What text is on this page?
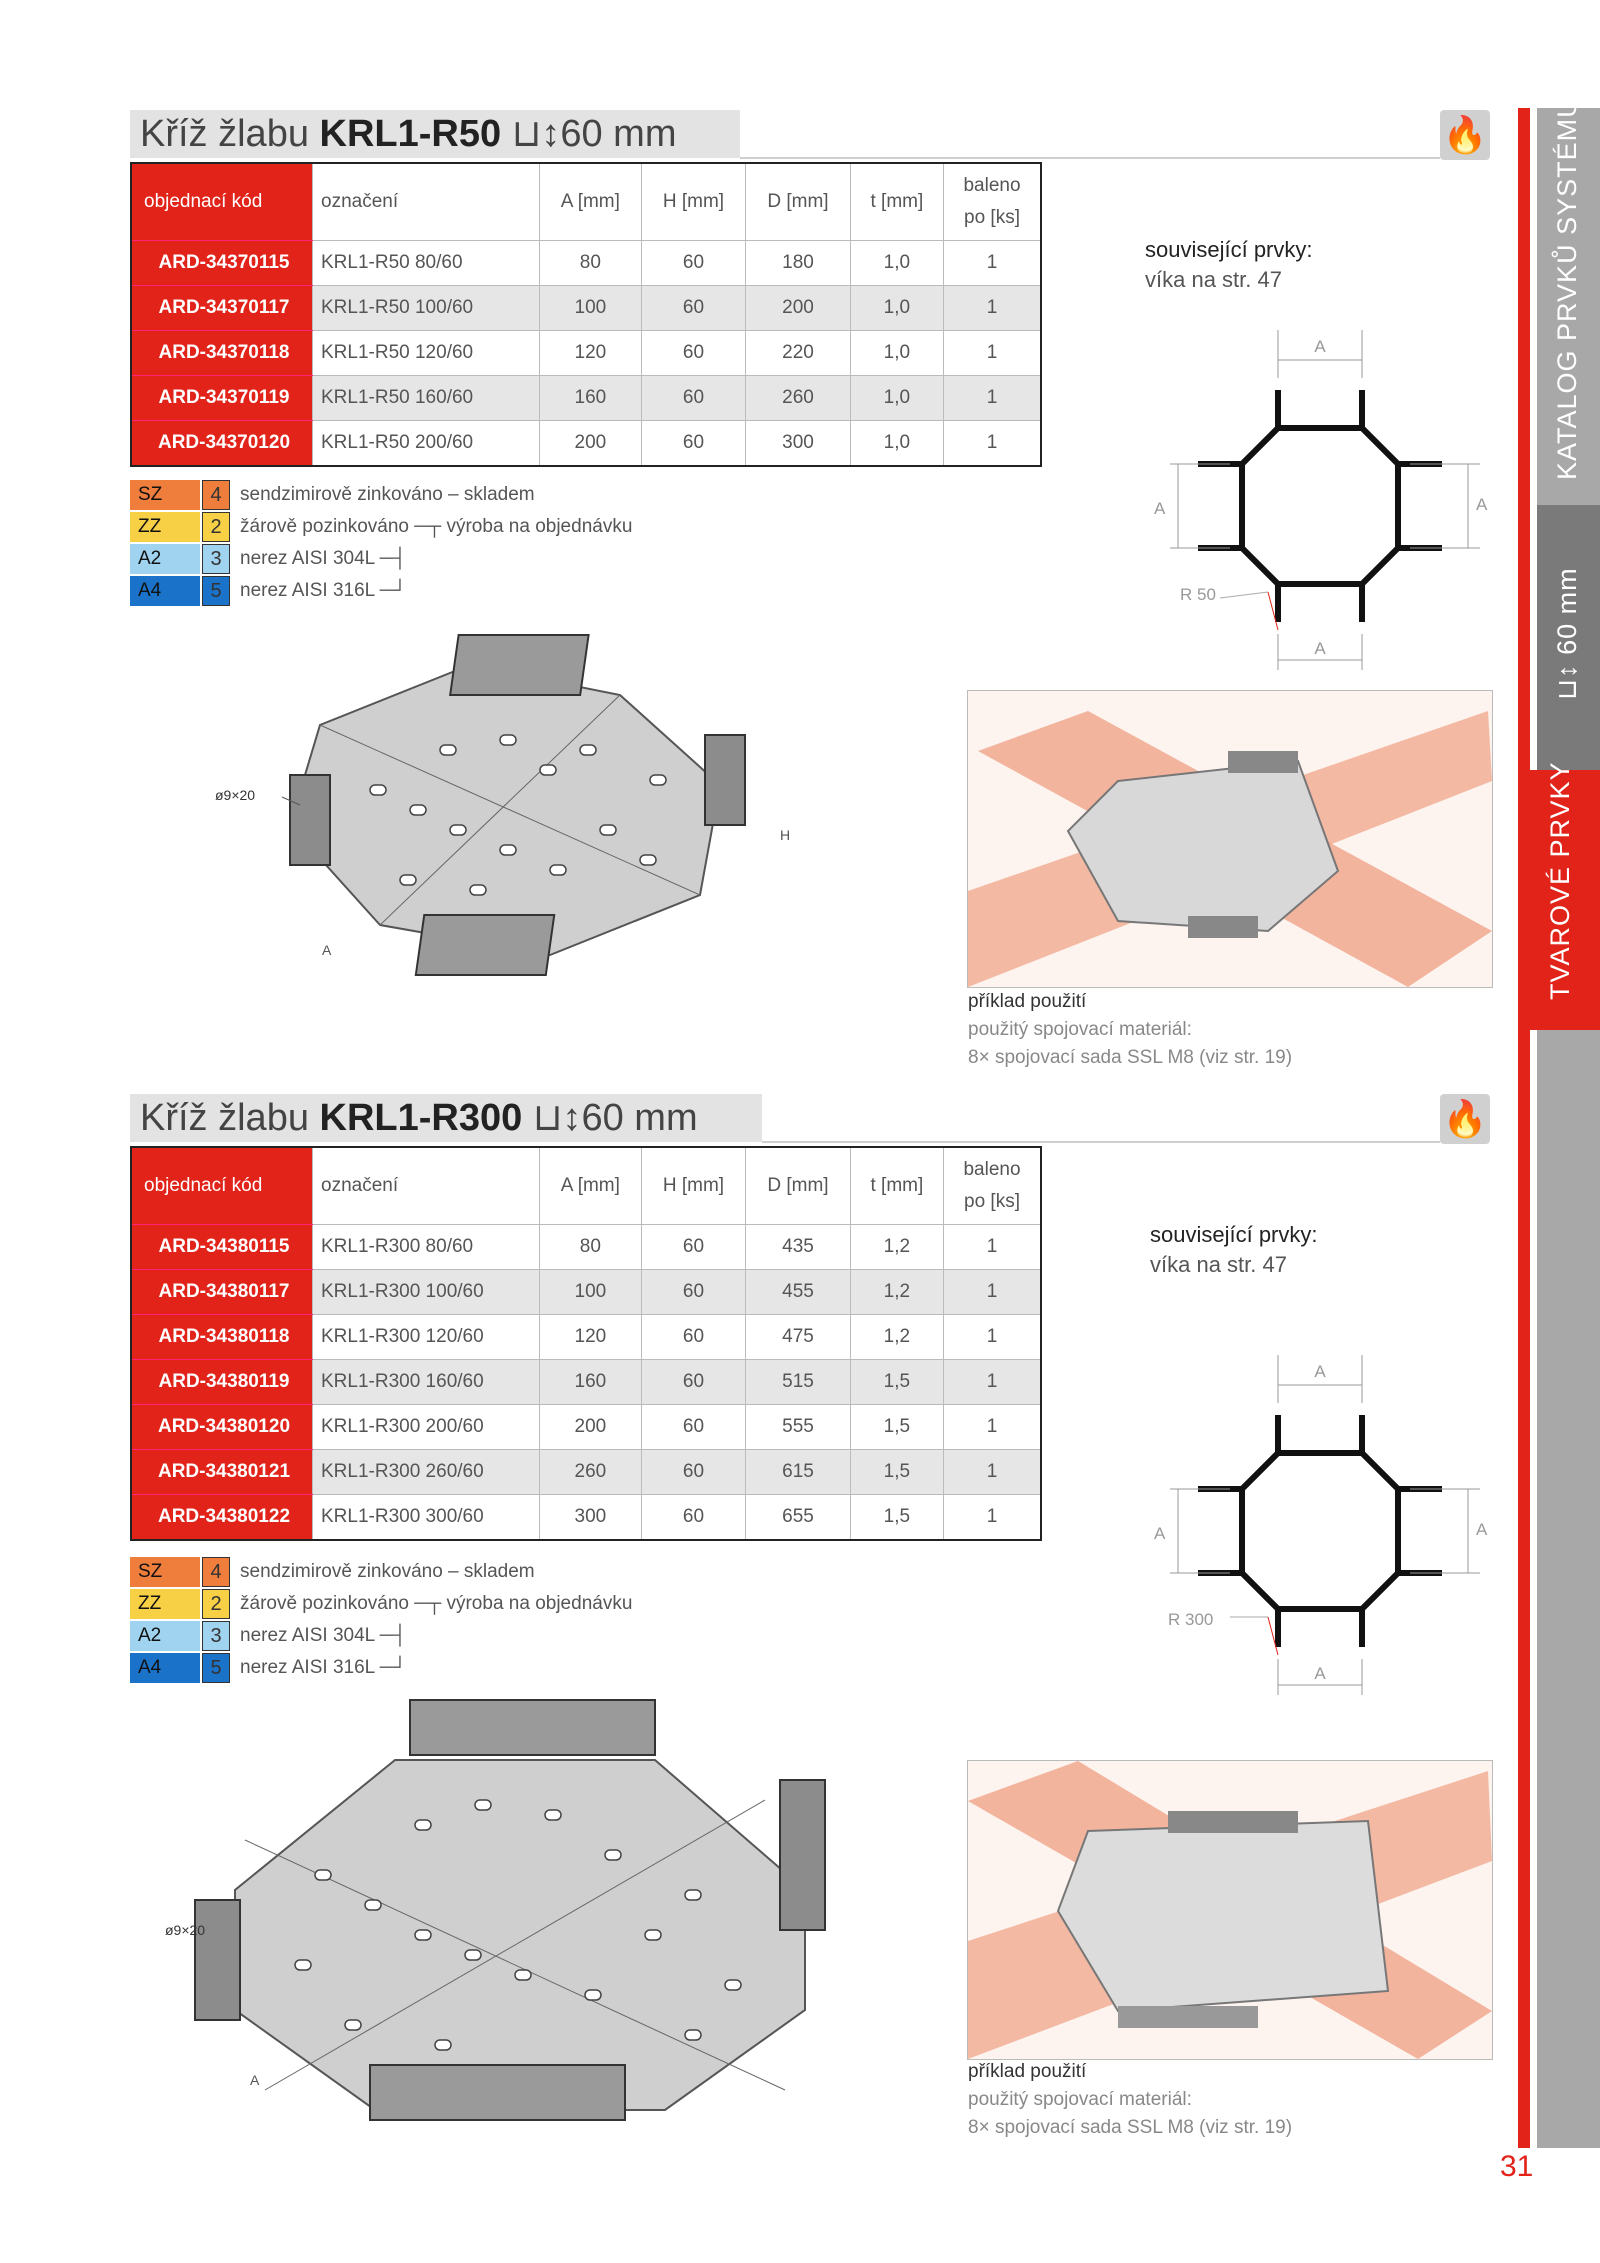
KATALOG PRVKŮ SYSTÉMU
⊔↕ 60 mm
TVAROVÉ PRVKY
31
Kříž žlabu KRL1-R50 ⊔↕60 mm	🔥
objednací kód	označení	A [mm]	H [mm]	D [mm]	t [mm]	baleno po [ks]
ARD-34370115	KRL1-R50 80/60	80	60	180	1,0	1
ARD-34370117	KRL1-R50 100/60	100	60	200	1,0	1
ARD-34370118	KRL1-R50 120/60	120	60	220	1,0	1
ARD-34370119	KRL1-R50 160/60	160	60	260	1,0	1
ARD-34370120	KRL1-R50 200/60	200	60	300	1,0	1
SZ	4 sendzimirově zinkováno – skladem
ZZ	2 žárově pozinkováno ─┬ výroba na objednávku
A2	3 nerez AISI 304L ─┤
A4	5 nerez AISI 316L ─┘
související prvky:
víka na str. 47
A
A	A
A
R 50
ø9×20
A
H
příklad použití
použitý spojovací materiál:
8× spojovací sada SSL M8 (viz str. 19)
Kříž žlabu KRL1-R300 ⊔↕60 mm	🔥
objednací kód	označení	A [mm]	H [mm]	D [mm]	t [mm]	baleno po [ks]
ARD-34380115	KRL1-R300 80/60	80	60	435	1,2	1
ARD-34380117	KRL1-R300 100/60	100	60	455	1,2	1
ARD-34380118	KRL1-R300 120/60	120	60	475	1,2	1
ARD-34380119	KRL1-R300 160/60	160	60	515	1,5	1
ARD-34380120	KRL1-R300 200/60	200	60	555	1,5	1
ARD-34380121	KRL1-R300 260/60	260	60	615	1,5	1
ARD-34380122	KRL1-R300 300/60	300	60	655	1,5	1
SZ	4 sendzimirově zinkováno – skladem
ZZ	2 žárově pozinkováno ─┬ výroba na objednávku
A2	3 nerez AISI 304L ─┤
A4	5 nerez AISI 316L ─┘
související prvky:
víka na str. 47
A
A	A
A
R 300
ø9×20
A	příklad použití
použitý spojovací materiál:
8× spojovací sada SSL M8 (viz str. 19)
